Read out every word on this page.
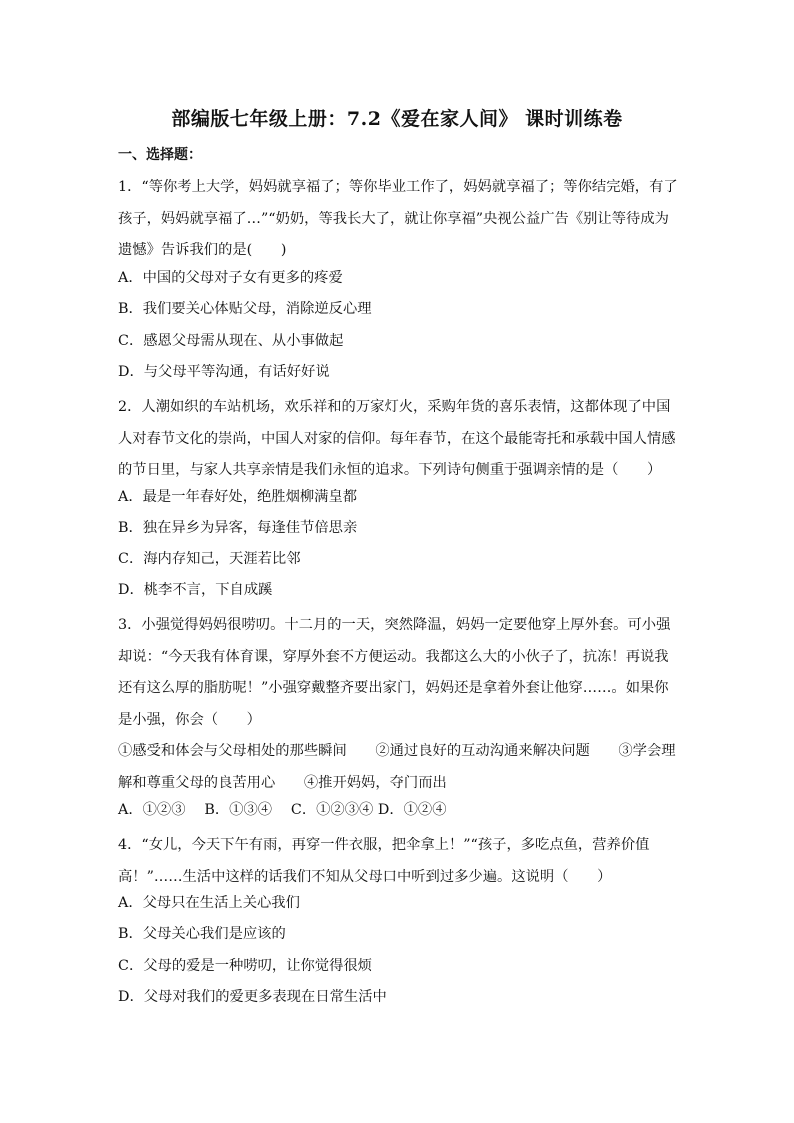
部编版七年级上册：7.2《爱在家人间》 课时训练卷
一、选择题：
1．“等你考上大学，妈妈就享福了；等你毕业工作了，妈妈就享福了；等你结完婚，有了孩子，妈妈就享福了…”“奶奶，等我长大了，就让你享福”央视公益广告《别让等待成为遗憾》告诉我们的是(　　)
A．中国的父母对子女有更多的疼爱
B．我们要关心体贴父母，消除逆反心理
C．感恩父母需从现在、从小事做起
D．与父母平等沟通，有话好好说
2．人潮如织的车站机场，欢乐祥和的万家灯火，采购年货的喜乐表情，这都体现了中国人对春节文化的崇尚，中国人对家的信仰。每年春节，在这个最能寄托和承载中国人情感的节日里，与家人共享亲情是我们永恒的追求。下列诗句侧重于强调亲情的是（　　）
A．最是一年春好处，绝胜烟柳满皇都
B．独在异乡为异客，每逢佳节倍思亲
C．海内存知己，天涯若比邻
D．桃李不言，下自成蹊
3．小强觉得妈妈很唠叨。十二月的一天，突然降温，妈妈一定要他穿上厚外套。可小强却说：“今天我有体育课，穿厚外套不方便运动。我都这么大的小伙子了，抗冻！再说我还有这么厚的脂肪呢！”小强穿戴整齐要出家门，妈妈还是拿着外套让他穿……。如果你是小强，你会（　　）
①感受和体会与父母相处的那些瞬间　　②通过良好的互动沟通来解决问题　　③学会理解和尊重父母的良苦用心　　④推开妈妈，夺门而出
A．①②③　 B．①③④　 C．①②③④ D．①②④
4．“女儿，今天下午有雨，再穿一件衣服，把伞拿上！”“孩子，多吃点鱼，营养价值高！”……生活中这样的话我们不知从父母口中听到过多少遍。这说明（　　）
A．父母只在生活上关心我们
B．父母关心我们是应该的
C．父母的爱是一种唠叨，让你觉得很烦
D．父母对我们的爱更多表现在日常生活中
